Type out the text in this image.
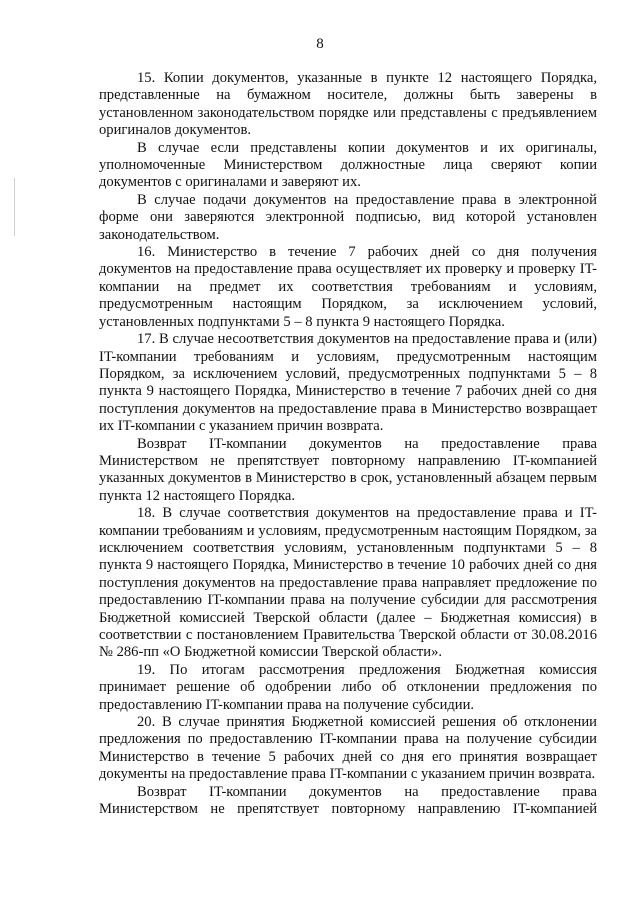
8

15. Копии документов, указанные в пункте 12 настоящего Порядка, представленные на бумажном носителе, должны быть заверены в установленном законодательством порядке или представлены с предъявлением оригиналов документов.

В случае если представлены копии документов и их оригиналы, уполномоченные Министерством должностные лица сверяют копии документов с оригиналами и заверяют их.

В случае подачи документов на предоставление права в электронной форме они заверяются электронной подписью, вид которой установлен законодательством.

16. Министерство в течение 7 рабочих дней со дня получения документов на предоставление права осуществляет их проверку и проверку IT-компании на предмет их соответствия требованиям и условиям, предусмотренным настоящим Порядком, за исключением условий, установленных подпунктами 5 – 8 пункта 9 настоящего Порядка.

17. В случае несоответствия документов на предоставление права и (или) IT-компании требованиям и условиям, предусмотренным настоящим Порядком, за исключением условий, предусмотренных подпунктами 5 – 8 пункта 9 настоящего Порядка, Министерство в течение 7 рабочих дней со дня поступления документов на предоставление права в Министерство возвращает их IT-компании с указанием причин возврата.

Возврат IT-компании документов на предоставление права Министерством не препятствует повторному направлению IT-компанией указанных документов в Министерство в срок, установленный абзацем первым пункта 12 настоящего Порядка.

18. В случае соответствия документов на предоставление права и IT-компании требованиям и условиям, предусмотренным настоящим Порядком, за исключением соответствия условиям, установленным подпунктами 5 – 8 пункта 9 настоящего Порядка, Министерство в течение 10 рабочих дней со дня поступления документов на предоставление права направляет предложение по предоставлению IT-компании права на получение субсидии для рассмотрения Бюджетной комиссией Тверской области (далее – Бюджетная комиссия) в соответствии с постановлением Правительства Тверской области от 30.08.2016 № 286-пп «О Бюджетной комиссии Тверской области».

19. По итогам рассмотрения предложения Бюджетная комиссия принимает решение об одобрении либо об отклонении предложения по предоставлению IT-компании права на получение субсидии.

20. В случае принятия Бюджетной комиссией решения об отклонении предложения по предоставлению IT-компании права на получение субсидии Министерство в течение 5 рабочих дней со дня его принятия возвращает документы на предоставление права IT-компании с указанием причин возврата.

Возврат IT-компании документов на предоставление права Министерством не препятствует повторному направлению IT-компанией
